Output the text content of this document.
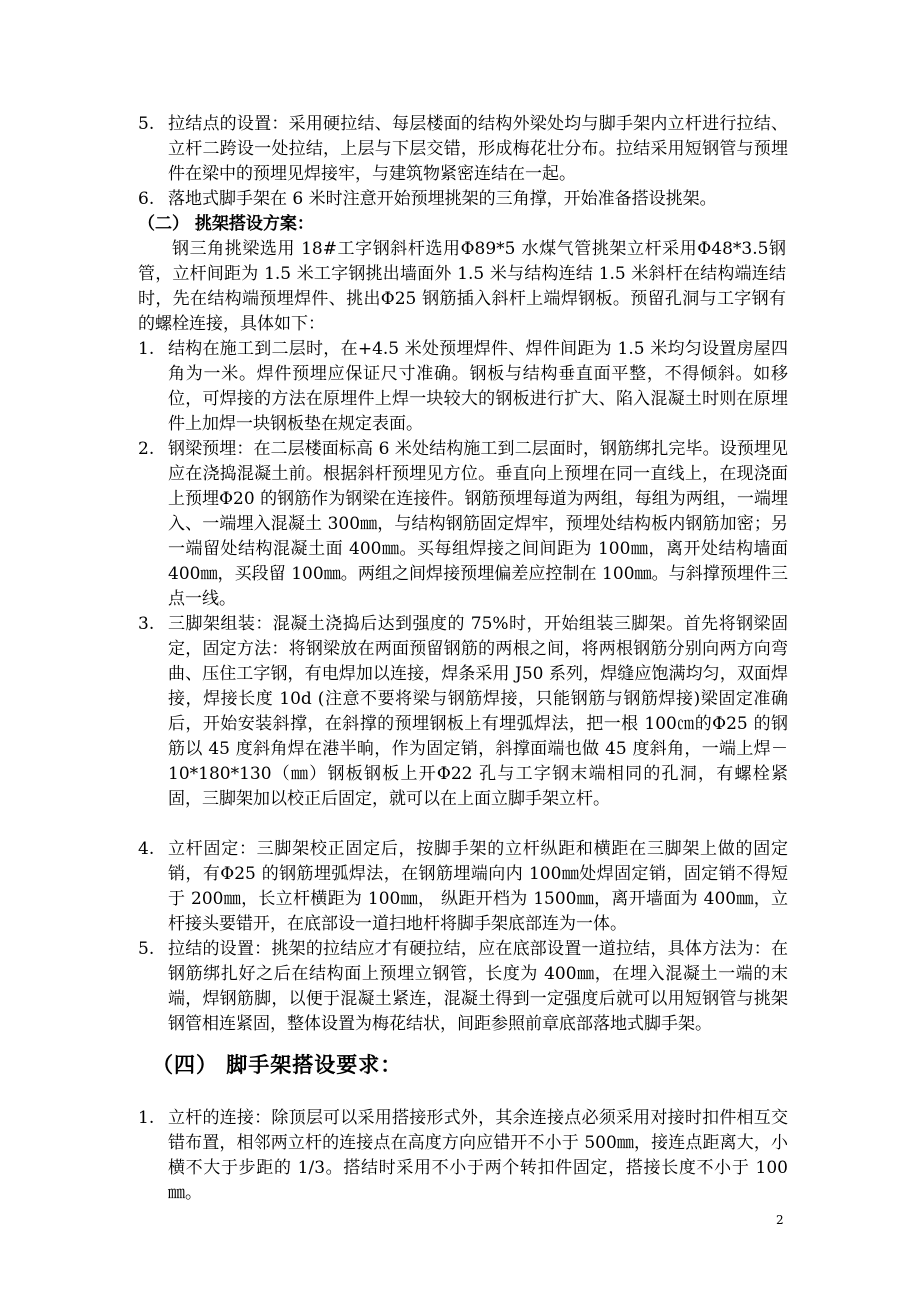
5. 拉结点的设置：采用硬拉结、每层楼面的结构外梁处均与脚手架内立杆进行拉结、立杆二跨设一处拉结，上层与下层交错，形成梅花壮分布。拉结采用短钢管与预埋件在梁中的预埋见焊接牢，与建筑物紧密连结在一起。
6. 落地式脚手架在 6 米时注意开始预埋挑架的三角撑，开始准备搭设挑架。
（二） 挑架搭设方案：
钢三角挑梁选用 18#工字钢斜杆选用Φ89*5 水煤气管挑架立杆采用Φ48*3.5钢管，立杆间距为 1.5 米工字钢挑出墙面外 1.5 米与结构连结 1.5 米斜杆在结构端连结时，先在结构端预埋焊件、挑出Φ25 钢筋插入斜杆上端焊钢板。预留孔洞与工字钢有的螺栓连接，具体如下：
1. 结构在施工到二层时，在+4.5 米处预埋焊件、焊件间距为 1.5 米均匀设置房屋四角为一米。焊件预埋应保证尺寸准确。钢板与结构垂直面平整，不得倾斜。如移位，可焊接的方法在原埋件上焊一块较大的钢板进行扩大、陷入混凝土时则在原埋件上加焊一块钢板垫在规定表面。
2. 钢梁预埋：在二层楼面标高 6 米处结构施工到二层面时，钢筋绑扎完毕。设预埋见应在浇捣混凝土前。根据斜杆预埋见方位。垂直向上预埋在同一直线上，在现浇面上预埋Φ20 的钢筋作为钢梁在连接件。钢筋预埋每道为两组，每组为两组，一端埋入、一端埋入混凝土 300㎜，与结构钢筋固定焊牢，预埋处结构板内钢筋加密；另一端留处结构混凝土面 400㎜。买每组焊接之间间距为 100㎜，离开处结构墙面 400㎜，买段留 100㎜。两组之间焊接预埋偏差应控制在 100㎜。与斜撑预埋件三点一线。
3. 三脚架组装：混凝土浇捣后达到强度的 75%时，开始组装三脚架。首先将钢梁固定，固定方法：将钢梁放在两面预留钢筋的两根之间，将两根钢筋分别向两方向弯曲、压住工字钢，有电焊加以连接，焊条采用 J50 系列，焊缝应饱满均匀，双面焊接，焊接长度 10d (注意不要将梁与钢筋焊接，只能钢筋与钢筋焊接)梁固定准确后，开始安装斜撑，在斜撑的预埋钢板上有埋弧焊法，把一根 100㎝的Φ25 的钢筋以 45 度斜角焊在港半晌，作为固定销，斜撑面端也做 45 度斜角，一端上焊－10*180*130（㎜）钢板钢板上开Φ22 孔与工字钢末端相同的孔洞，有螺栓紧固，三脚架加以校正后固定，就可以在上面立脚手架立杆。
4. 立杆固定：三脚架校正固定后，按脚手架的立杆纵距和横距在三脚架上做的固定销，有Φ25 的钢筋埋弧焊法，在钢筋埋端向内 100㎜处焊固定销，固定销不得短于 200㎜，长立杆横距为 100㎜， 纵距开档为 1500㎜，离开墙面为 400㎜，立杆接头要错开，在底部设一道扫地杆将脚手架底部连为一体。
5. 拉结的设置：挑架的拉结应才有硬拉结，应在底部设置一道拉结，具体方法为：在钢筋绑扎好之后在结构面上预埋立钢管，长度为 400㎜，在埋入混凝土一端的末端，焊钢筋脚，以便于混凝土紧连，混凝土得到一定强度后就可以用短钢管与挑架钢管相连紧固，整体设置为梅花结状，间距参照前章底部落地式脚手架。
（四） 脚手架搭设要求：
1. 立杆的连接：除顶层可以采用搭接形式外，其余连接点必须采用对接时扣件相互交错布置，相邻两立杆的连接点在高度方向应错开不小于 500㎜，接连点距离大，小横不大于步距的 1/3。搭结时采用不小于两个转扣件固定，搭接长度不小于 100㎜。
2
